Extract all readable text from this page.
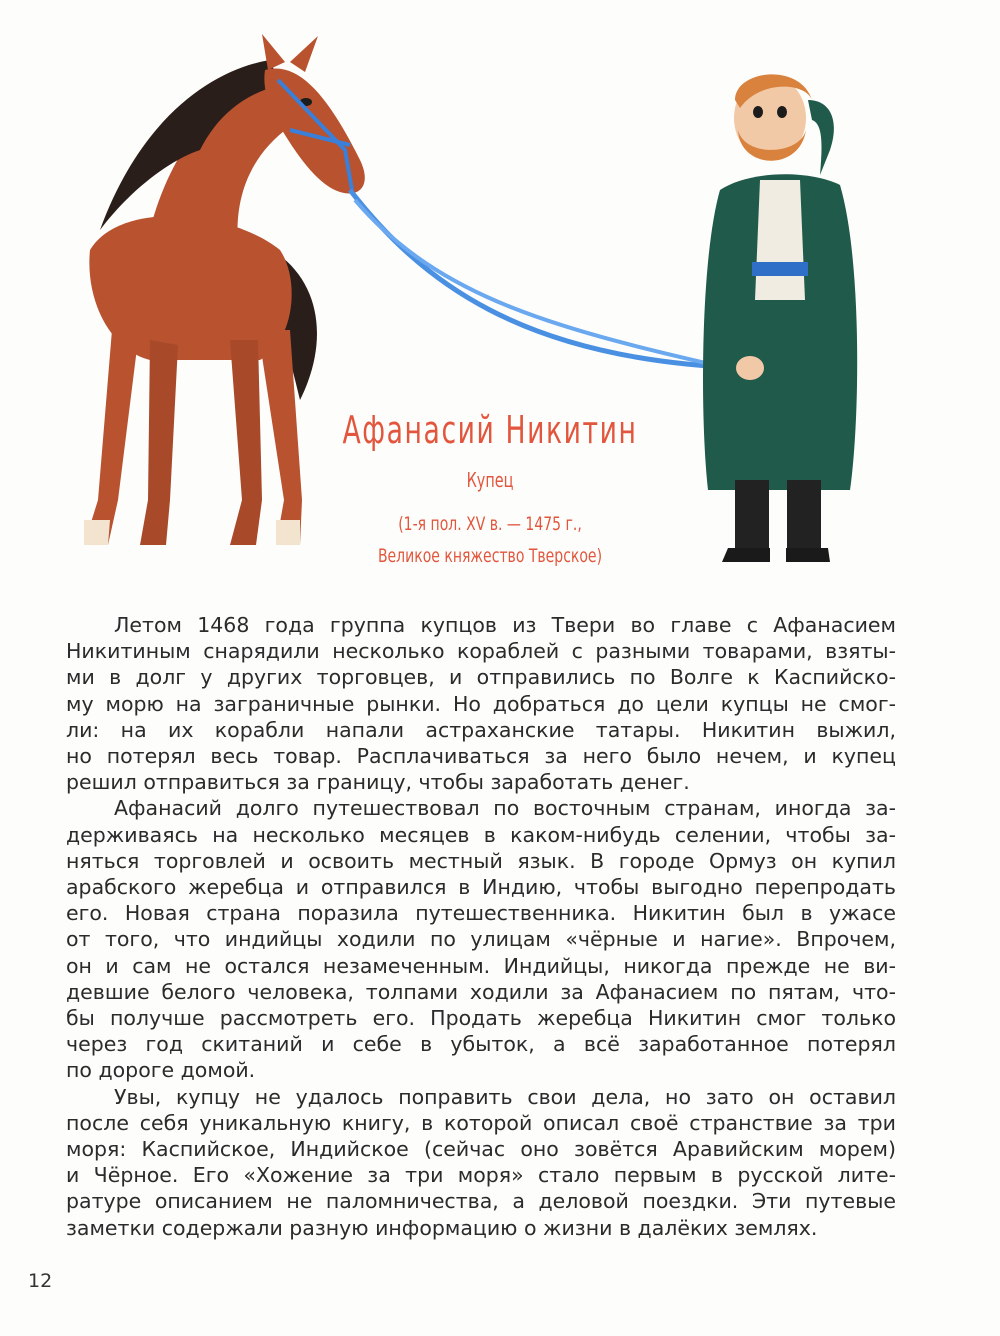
Афанасий Никитин
Купец
(1-я пол. XV в. — 1475 г.,
Великое княжество Тверское)
Летом 1468 года группа купцов из Твери во главе с Афанасием
Никитиным снарядили несколько кораблей с разными товарами, взяты-
ми в долг у других торговцев, и отправились по Волге к Каспийско-
му морю на заграничные рынки. Но добраться до цели купцы не смог-
ли: на их корабли напали астраханские татары. Никитин выжил,
но потерял весь товар. Расплачиваться за него было нечем, и купец
решил отправиться за границу, чтобы заработать денег.
Афанасий долго путешествовал по восточным странам, иногда за-
держиваясь на несколько месяцев в каком-нибудь селении, чтобы за-
няться торговлей и освоить местный язык. В городе Ормуз он купил
арабского жеребца и отправился в Индию, чтобы выгодно перепродать
его. Новая страна поразила путешественника. Никитин был в ужасе
от того, что индийцы ходили по улицам «чёрные и нагие». Впрочем,
он и сам не остался незамеченным. Индийцы, никогда прежде не ви-
девшие белого человека, толпами ходили за Афанасием по пятам, что-
бы получше рассмотреть его. Продать жеребца Никитин смог только
через год скитаний и себе в убыток, а всё заработанное потерял
по дороге домой.
Увы, купцу не удалось поправить свои дела, но зато он оставил
после себя уникальную книгу, в которой описал своё странствие за три
моря: Каспийское, Индийское (сейчас оно зовётся Аравийским морем)
и Чёрное. Его «Хожение за три моря» стало первым в русской лите-
ратуре описанием не паломничества, а деловой поездки. Эти путевые
заметки содержали разную информацию о жизни в далёких землях.
12
